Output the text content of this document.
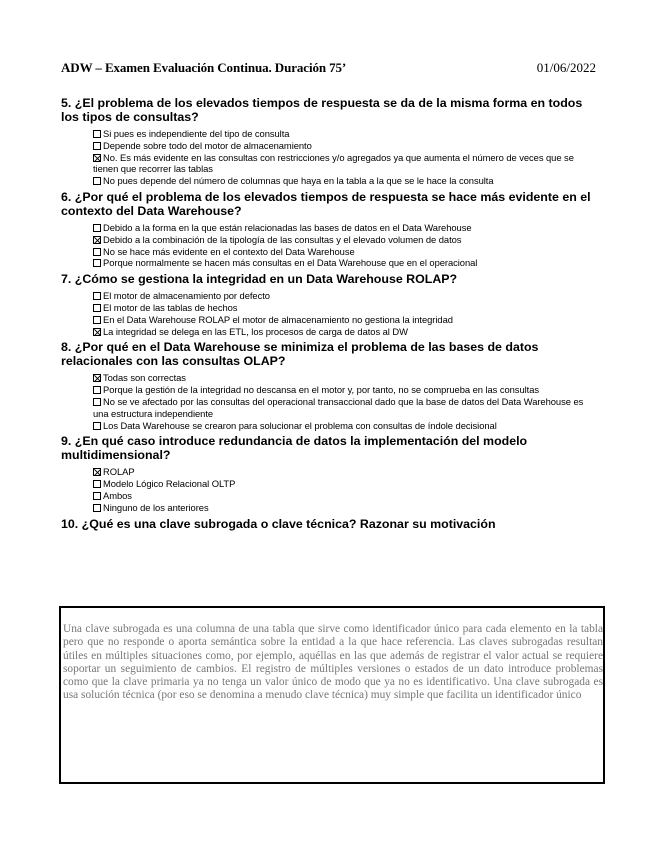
ADW – Examen Evaluación Continua. Duración 75’	01/06/2022
5. ¿El problema de los elevados tiempos de respuesta se da de la misma forma en todos los tipos de consultas?
Si pues es independiente del tipo de consulta
Depende sobre todo del motor de almacenamiento
No. Es más evidente en las consultas con restricciones y/o agregados ya que aumenta el número de veces que se tienen que recorrer las tablas
No pues depende del número de columnas que haya en la tabla a la que se le hace la consulta
6. ¿Por qué el problema de los elevados tiempos de respuesta se hace más evidente en el contexto del Data Warehouse?
Debido a la forma en la que están relacionadas las bases de datos en el Data Warehouse
Debido a la combinación de la tipología de las consultas y el elevado volumen de datos
No se hace más evidente en el contexto del Data Warehouse
Porque normalmente se hacen más consultas en el Data Warehouse que en el operacional
7. ¿Cómo se gestiona la integridad en un Data Warehouse ROLAP?
El motor de almacenamiento por defecto
El motor de las tablas de hechos
En el Data Warehouse ROLAP el motor de almacenamiento no gestiona la integridad
La integridad se delega en las ETL, los procesos de carga de datos al DW
8. ¿Por qué en el Data Warehouse se minimiza el problema de las bases de datos relacionales con las consultas OLAP?
Todas son correctas
Porque la gestión de la integridad no descansa en el motor y, por tanto, no se comprueba en las consultas
No se ve afectado por las consultas del operacional transaccional dado que la base de datos del Data Warehouse es una estructura independiente
Los Data Warehouse se crearon para solucionar el problema con consultas de índole decisional
9. ¿En qué caso introduce redundancia de datos la implementación del modelo multidimensional?
ROLAP
Modelo Lógico Relacional OLTP
Ambos
Ninguno de los anteriores
10. ¿Qué es una clave subrogada o clave técnica? Razonar su motivación
Una clave subrogada es una columna de una tabla que sirve como identificador único para cada elemento en la tabla pero que no responde o aporta semántica sobre la entidad a la que hace referencia. Las claves subrogadas resultan útiles en múltiples situaciones como, por ejemplo, aquéllas en las que además de registrar el valor actual se requiere soportar un seguimiento de cambios. El registro de múltiples versiones o estados de un dato introduce problemas como que la clave primaria ya no tenga un valor único de modo que ya no es identificativo. Una clave subrogada es usa solución técnica (por eso se denomina a menudo clave técnica) muy simple que facilita un identificador único
